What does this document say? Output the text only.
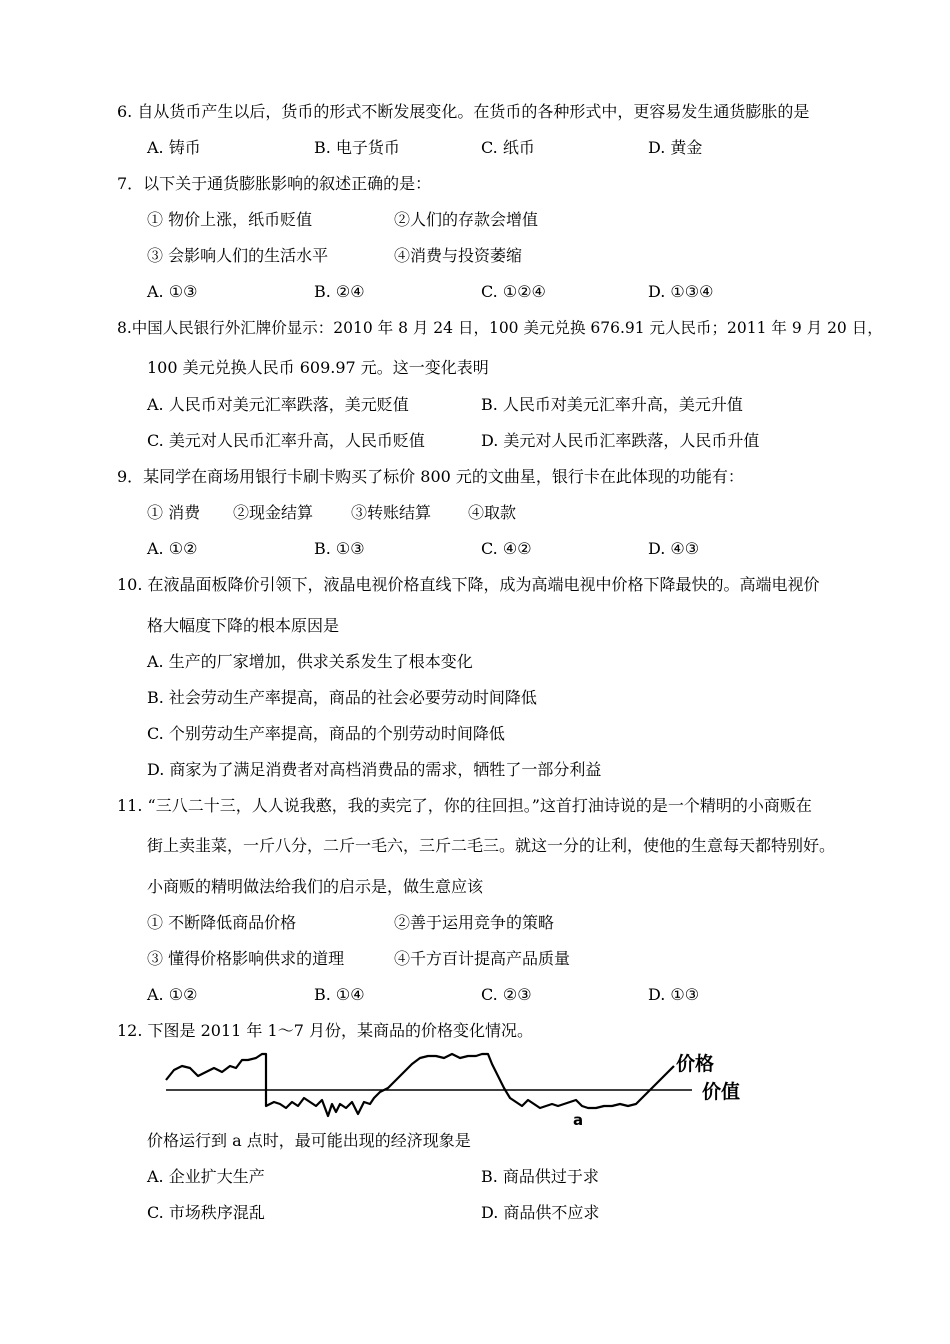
6. 自从货币产生以后，货币的形式不断发展变化。在货币的各种形式中，更容易发生通货膨胀的是
A. 铸币	B. 电子货币	C. 纸币	D. 黄金
7．以下关于通货膨胀影响的叙述正确的是：
① 物价上涨，纸币贬值	②人们的存款会增值
③ 会影响人们的生活水平	④消费与投资萎缩
A. ①③	B. ②④	C. ①②④	D. ①③④
8.中国人民银行外汇牌价显示：2010 年 8 月 24 日，100 美元兑换 676.91 元人民币；2011 年 9 月 20 日，
100 美元兑换人民币 609.97 元。这一变化表明
A. 人民币对美元汇率跌落，美元贬值	B. 人民币对美元汇率升高，美元升值
C. 美元对人民币汇率升高，人民币贬值	D. 美元对人民币汇率跌落，人民币升值
9．某同学在商场用银行卡刷卡购买了标价 800 元的文曲星，银行卡在此体现的功能有：
① 消费 ②现金结算 ③转账结算 ④取款
A. ①②	B. ①③	C. ④②	D. ④③
10. 在液晶面板降价引领下，液晶电视价格直线下降，成为高端电视中价格下降最快的。高端电视价
格大幅度下降的根本原因是
A. 生产的厂家增加，供求关系发生了根本变化
B. 社会劳动生产率提高，商品的社会必要劳动时间降低
C. 个别劳动生产率提高，商品的个别劳动时间降低
D. 商家为了满足消费者对高档消费品的需求，牺牲了一部分利益
11. “三八二十三，人人说我憨，我的卖完了，你的往回担。”这首打油诗说的是一个精明的小商贩在
街上卖韭菜，一斤八分，二斤一毛六，三斤二毛三。就这一分的让利，使他的生意每天都特别好。
小商贩的精明做法给我们的启示是，做生意应该
① 不断降低商品价格	②善于运用竞争的策略
③ 懂得价格影响供求的道理	④千方百计提高产品质量
A. ①②	B. ①④	C. ②③	D. ①③
12. 下图是 2011 年 1～7 月份，某商品的价格变化情况。
价格
价值
a
价格运行到 a 点时，最可能出现的经济现象是
A. 企业扩大生产	B. 商品供过于求
C. 市场秩序混乱	D. 商品供不应求
